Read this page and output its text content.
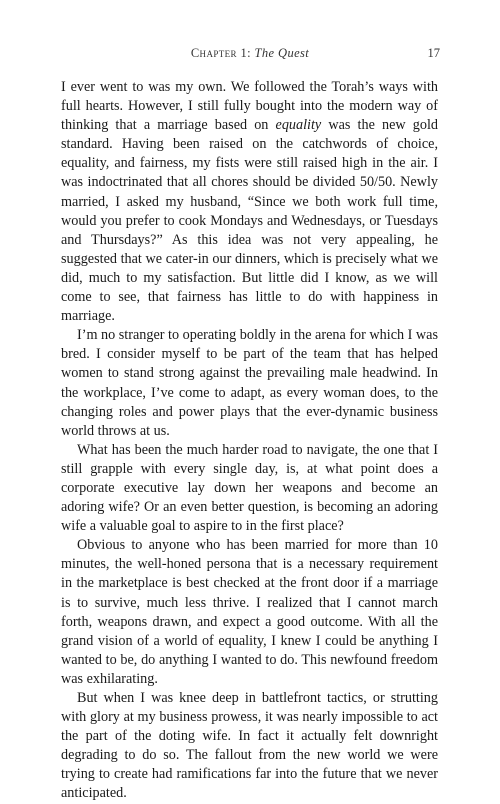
Chapter 1: The Quest	17

I ever went to was my own. We followed the Torah’s ways with full hearts. However, I still fully bought into the modern way of thinking that a marriage based on equality was the new gold standard. Having been raised on the catchwords of choice, equality, and fairness, my fists were still raised high in the air. I was indoctrinated that all chores should be divided 50/50. Newly married, I asked my husband, “Since we both work full time, would you prefer to cook Mondays and Wednesdays, or Tuesdays and Thursdays?” As this idea was not very appealing, he suggested that we cater-in our dinners, which is precisely what we did, much to my satisfaction. But little did I know, as we will come to see, that fairness has little to do with happiness in marriage.

I’m no stranger to operating boldly in the arena for which I was bred. I consider myself to be part of the team that has helped women to stand strong against the prevailing male headwind. In the workplace, I’ve come to adapt, as every woman does, to the changing roles and power plays that the ever-dynamic business world throws at us.

What has been the much harder road to navigate, the one that I still grapple with every single day, is, at what point does a corporate executive lay down her weapons and become an adoring wife? Or an even better question, is becoming an adoring wife a valuable goal to aspire to in the first place?

Obvious to anyone who has been married for more than 10 minutes, the well-honed persona that is a necessary requirement in the marketplace is best checked at the front door if a marriage is to survive, much less thrive. I realized that I cannot march forth, weapons drawn, and expect a good outcome. With all the grand vision of a world of equality, I knew I could be anything I wanted to be, do anything I wanted to do. This newfound freedom was exhilarating.

But when I was knee deep in battlefront tactics, or strutting with glory at my business prowess, it was nearly impossible to act the part of the doting wife. In fact it actually felt downright degrading to do so. The fallout from the new world we were trying to create had ramifications far into the future that we never anticipated.
